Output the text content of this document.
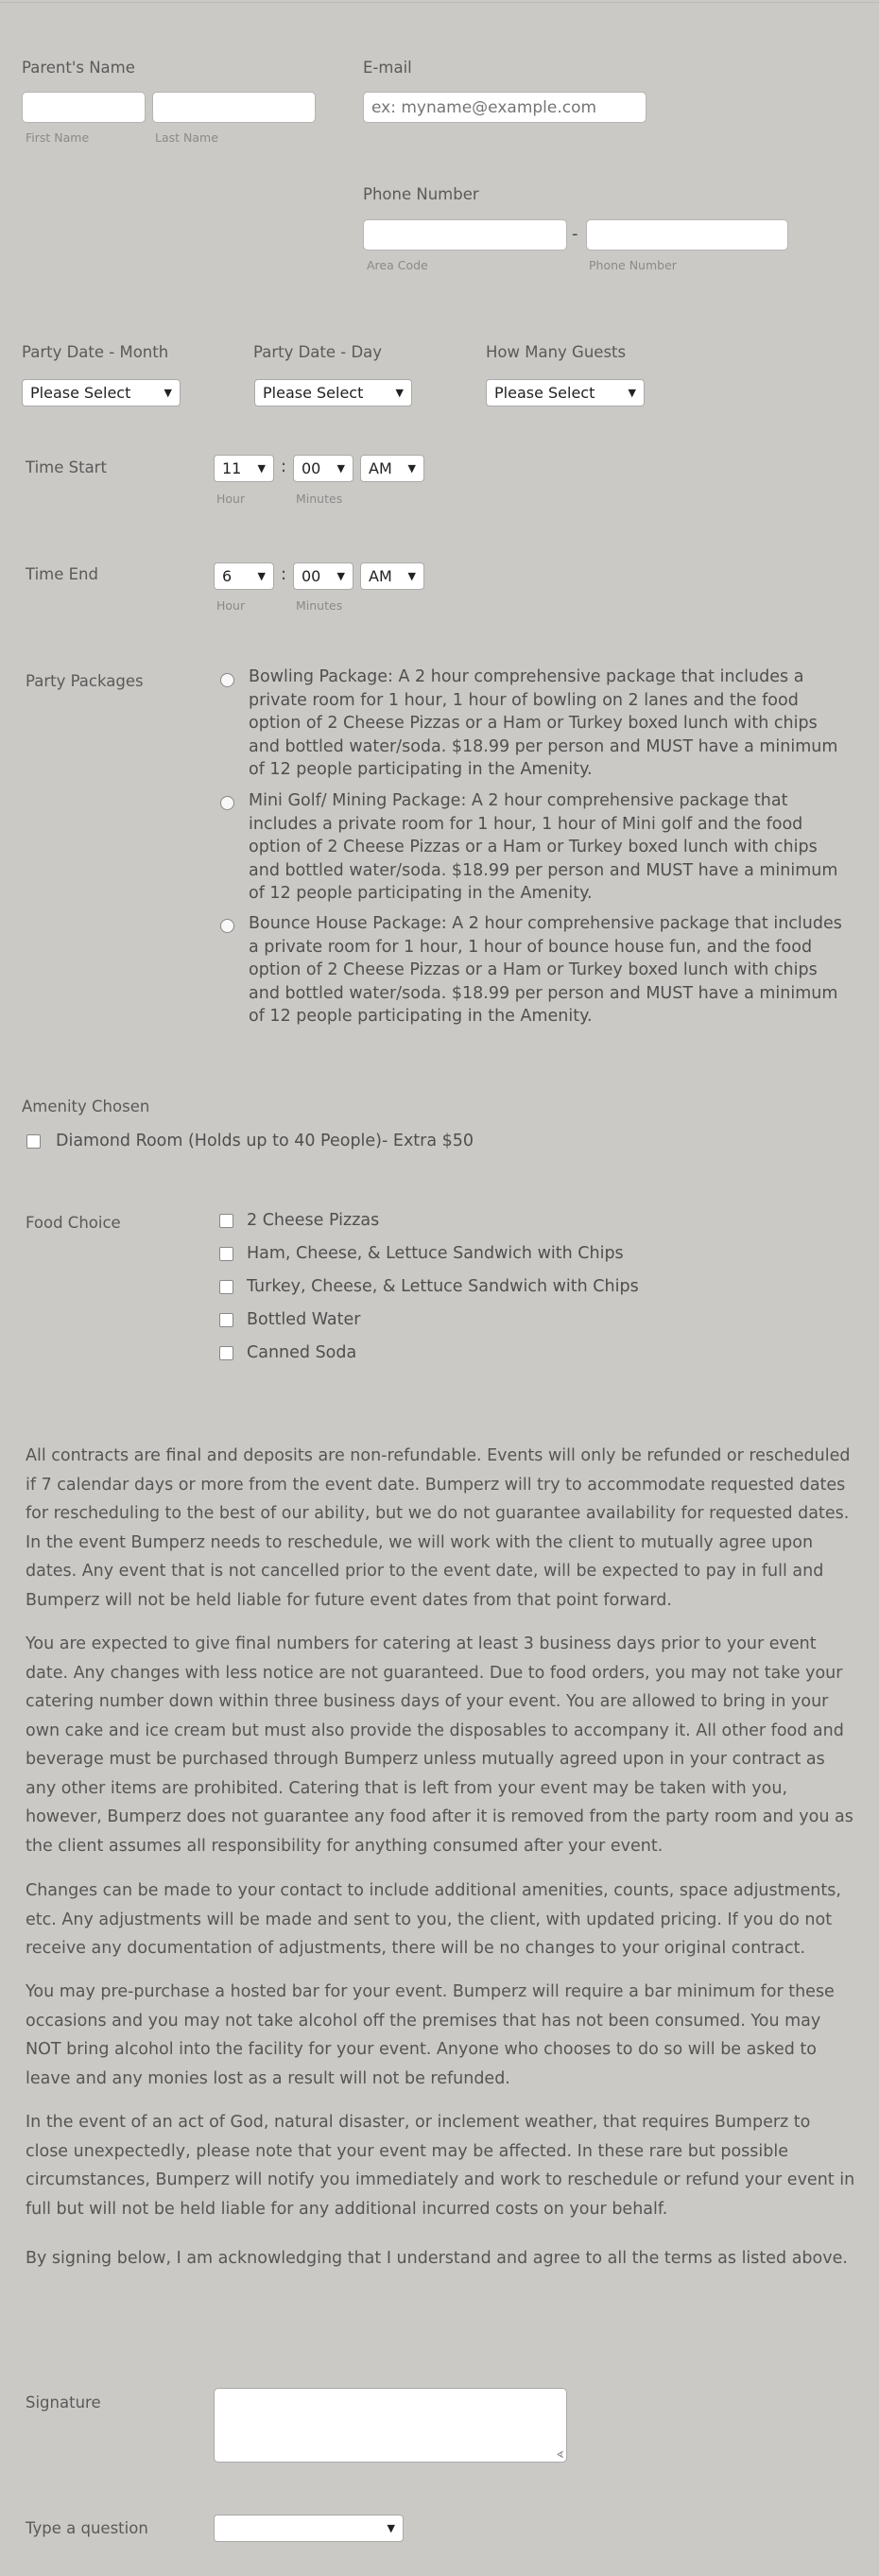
Parent's Name
First Name	Last Name
E-mail
ex: myname@example.com
Phone Number
-
Area Code	Phone Number
Party Date - Month	Party Date - Day	How Many Guests
Please Select	▼	Please Select	▼	Please Select	▼
Time Start	11 ▼ : 00 ▼ AM ▼
Hour	Minutes
Time End	6 ▼ : 00 ▼ AM ▼
Hour	Minutes
Party Packages	Bowling Package: A 2 hour comprehensive package that includes a private room for 1 hour, 1 hour of bowling on 2 lanes and the food option of 2 Cheese Pizzas or a Ham or Turkey boxed lunch with chips and bottled water/soda. $18.99 per person and MUST have a minimum of 12 people participating in the Amenity.
Mini Golf/ Mining Package: A 2 hour comprehensive package that includes a private room for 1 hour, 1 hour of Mini golf and the food option of 2 Cheese Pizzas or a Ham or Turkey boxed lunch with chips and bottled water/soda. $18.99 per person and MUST have a minimum of 12 people participating in the Amenity.
Bounce House Package: A 2 hour comprehensive package that includes a private room for 1 hour, 1 hour of bounce house fun, and the food option of 2 Cheese Pizzas or a Ham or Turkey boxed lunch with chips and bottled water/soda. $18.99 per person and MUST have a minimum of 12 people participating in the Amenity.
Amenity Chosen
Diamond Room (Holds up to 40 People)- Extra $50
Food Choice	2 Cheese Pizzas
Ham, Cheese, & Lettuce Sandwich with Chips
Turkey, Cheese, & Lettuce Sandwich with Chips
Bottled Water
Canned Soda
All contracts are final and deposits are non-refundable. Events will only be refunded or rescheduled if 7 calendar days or more from the event date. Bumperz will try to accommodate requested dates for rescheduling to the best of our ability, but we do not guarantee availability for requested dates. In the event Bumperz needs to reschedule, we will work with the client to mutually agree upon dates. Any event that is not cancelled prior to the event date, will be expected to pay in full and Bumperz will not be held liable for future event dates from that point forward.
You are expected to give final numbers for catering at least 3 business days prior to your event date. Any changes with less notice are not guaranteed. Due to food orders, you may not take your catering number down within three business days of your event. You are allowed to bring in your own cake and ice cream but must also provide the disposables to accompany it. All other food and beverage must be purchased through Bumperz unless mutually agreed upon in your contract as any other items are prohibited. Catering that is left from your event may be taken with you, however, Bumperz does not guarantee any food after it is removed from the party room and you as the client assumes all responsibility for anything consumed after your event.
Changes can be made to your contact to include additional amenities, counts, space adjustments, etc. Any adjustments will be made and sent to you, the client, with updated pricing. If you do not receive any documentation of adjustments, there will be no changes to your original contract.
You may pre-purchase a hosted bar for your event. Bumperz will require a bar minimum for these occasions and you may not take alcohol off the premises that has not been consumed. You may NOT bring alcohol into the facility for your event. Anyone who chooses to do so will be asked to leave and any monies lost as a result will not be refunded.
In the event of an act of God, natural disaster, or inclement weather, that requires Bumperz to close unexpectedly, please note that your event may be affected. In these rare but possible circumstances, Bumperz will notify you immediately and work to reschedule or refund your event in full but will not be held liable for any additional incurred costs on your behalf.
By signing below, I am acknowledging that I understand and agree to all the terms as listed above.
Signature
∢
Type a question	▼
